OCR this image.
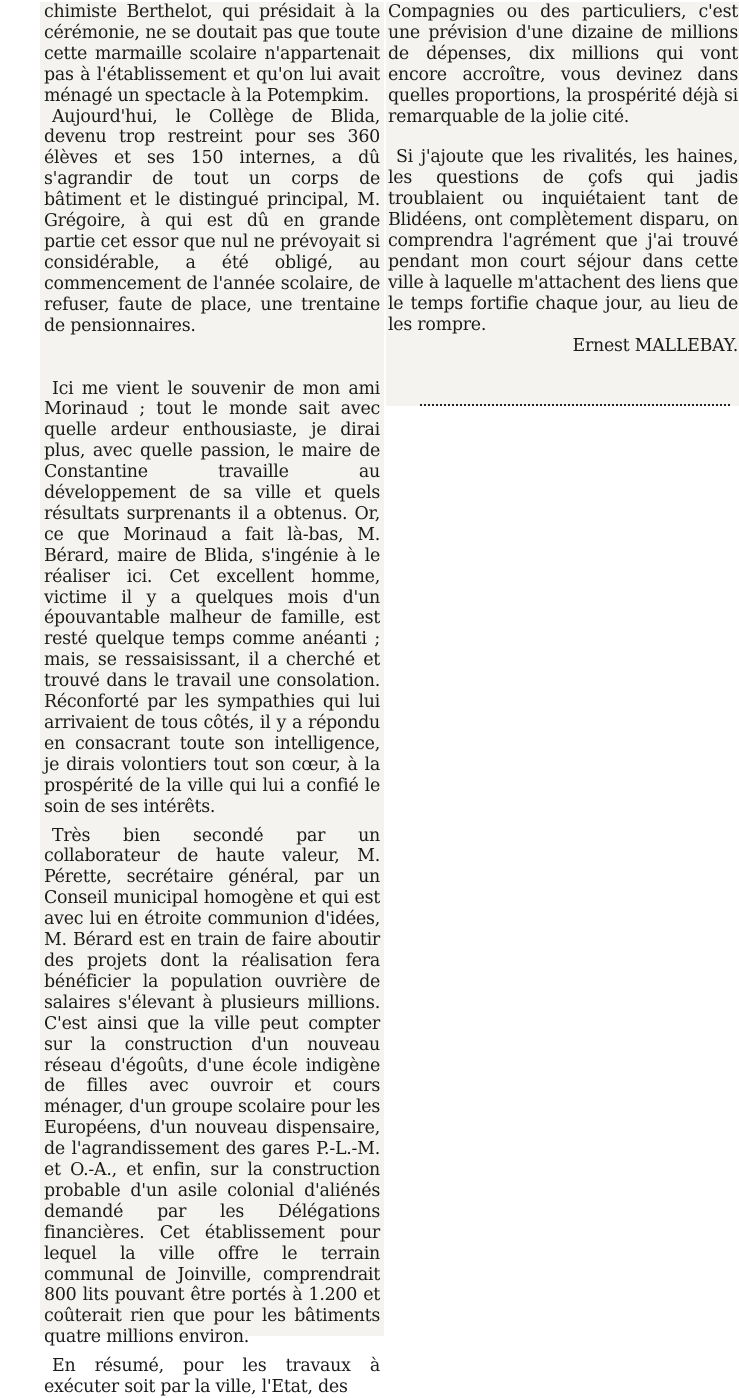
chimiste Berthelot, qui présidait à la cérémonie, ne se doutait pas que toute cette marmaille scolaire n'appartenait pas à l'établissement et qu'on lui avait ménagé un spectacle à la Potempkim.

Aujourd'hui, le Collège de Blida, devenu trop restreint pour ses 360 élèves et ses 150 internes, a dû s'agrandir de tout un corps de bâtiment et le distingué principal, M. Grégoire, à qui est dû en grande partie cet essor que nul ne prévoyait si considérable, a été obligé, au commencement de l'année scolaire, de refuser, faute de place, une trentaine de pensionnaires.

Ici me vient le souvenir de mon ami Morinaud ; tout le monde sait avec quelle ardeur enthousiaste, je dirai plus, avec quelle passion, le maire de Constantine travaille au développement de sa ville et quels résultats surprenants il a obtenus. Or, ce que Morinaud a fait là-bas, M. Bérard, maire de Blida, s'ingénie à le réaliser ici. Cet excellent homme, victime il y a quelques mois d'un épouvantable malheur de famille, est resté quelque temps comme anéanti ; mais, se ressaisissant, il a cherché et trouvé dans le travail une consolation. Réconforté par les sympathies qui lui arrivaient de tous côtés, il y a répondu en consacrant toute son intelligence, je dirais volontiers tout son cœur, à la prospérité de la ville qui lui a confié le soin de ses intérêts.

Très bien secondé par un collaborateur de haute valeur, M. Pérette, secrétaire général, par un Conseil municipal homogène et qui est avec lui en étroite communion d'idées, M. Bérard est en train de faire aboutir des projets dont la réalisation fera bénéficier la population ouvrière de salaires s'élevant à plusieurs millions. C'est ainsi que la ville peut compter sur la construction d'un nouveau réseau d'égoûts, d'une école indigène de filles avec ouvroir et cours ménager, d'un groupe scolaire pour les Européens, d'un nouveau dispensaire, de l'agrandissement des gares P.-L.-M. et O.-A., et enfin, sur la construction probable d'un asile colonial d'aliénés demandé par les Délégations financières. Cet établissement pour lequel la ville offre le terrain communal de Joinville, comprendrait 800 lits pouvant être portés à 1.200 et coûterait rien que pour les bâtiments quatre millions environ.

En résumé, pour les travaux à exécuter soit par la ville, l'Etat, des

Compagnies ou des particuliers, c'est une prévision d'une dizaine de millions de dépenses, dix millions qui vont encore accroître, vous devinez dans quelles proportions, la prospérité déjà si remarquable de la jolie cité.

Si j'ajoute que les rivalités, les haines, les questions de çofs qui jadis troublaient ou inquiétaient tant de Blidéens, ont complètement disparu, on comprendra l'agrément que j'ai trouvé pendant mon court séjour dans cette ville à laquelle m'attachent des liens que le temps fortifie chaque jour, au lieu de les rompre.

Ernest MALLEBAY.
